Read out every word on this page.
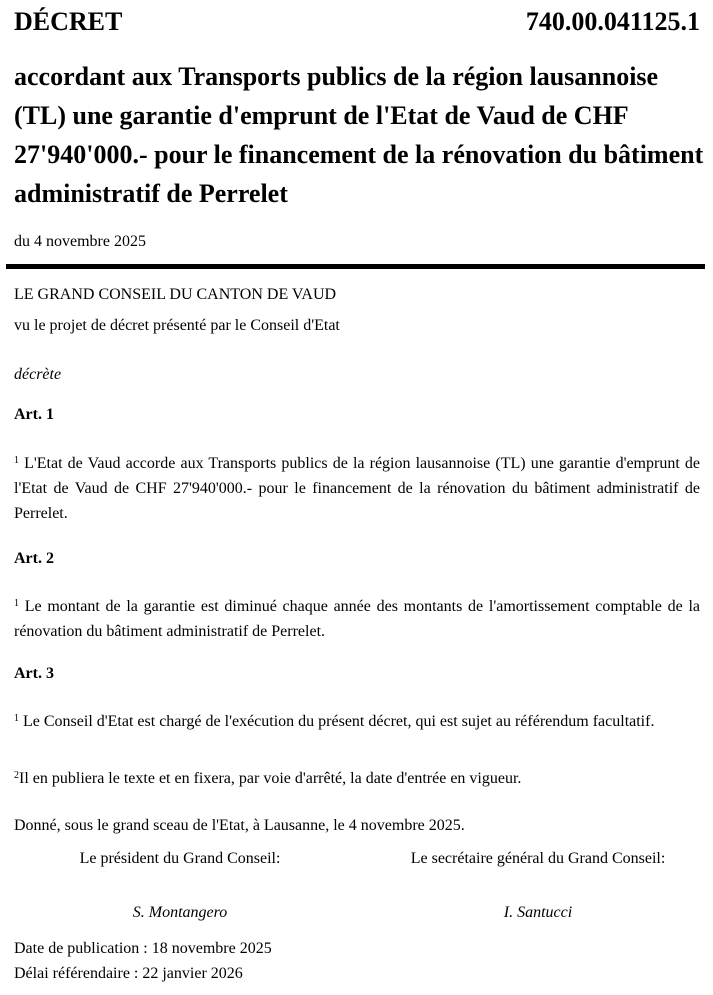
DÉCRET	740.00.041125.1
accordant aux Transports publics de la région lausannoise (TL) une garantie d'emprunt de l'Etat de Vaud de CHF 27'940'000.- pour le financement de la rénovation du bâtiment administratif de Perrelet
du 4 novembre 2025
LE GRAND CONSEIL DU CANTON DE VAUD
vu le projet de décret présenté par le Conseil d'Etat
décrète
Art. 1
$^1$ L'Etat de Vaud accorde aux Transports publics de la région lausannoise (TL) une garantie d'emprunt de l'Etat de Vaud de CHF 27'940'000.- pour le financement de la rénovation du bâtiment administratif de Perrelet.
Art. 2
$^1$ Le montant de la garantie est diminué chaque année des montants de l'amortissement comptable de la rénovation du bâtiment administratif de Perrelet.
Art. 3
$^1$ Le Conseil d'Etat est chargé de l'exécution du présent décret, qui est sujet au référendum facultatif.
$^2$Il en publiera le texte et en fixera, par voie d'arrêté, la date d'entrée en vigueur.
Donné, sous le grand sceau de l'Etat, à Lausanne, le 4 novembre 2025.
Le président du Grand Conseil:	Le secrétaire général du Grand Conseil:
S. Montangero	I. Santucci
Date de publication : 18 novembre 2025
Délai référendaire : 22 janvier 2026
